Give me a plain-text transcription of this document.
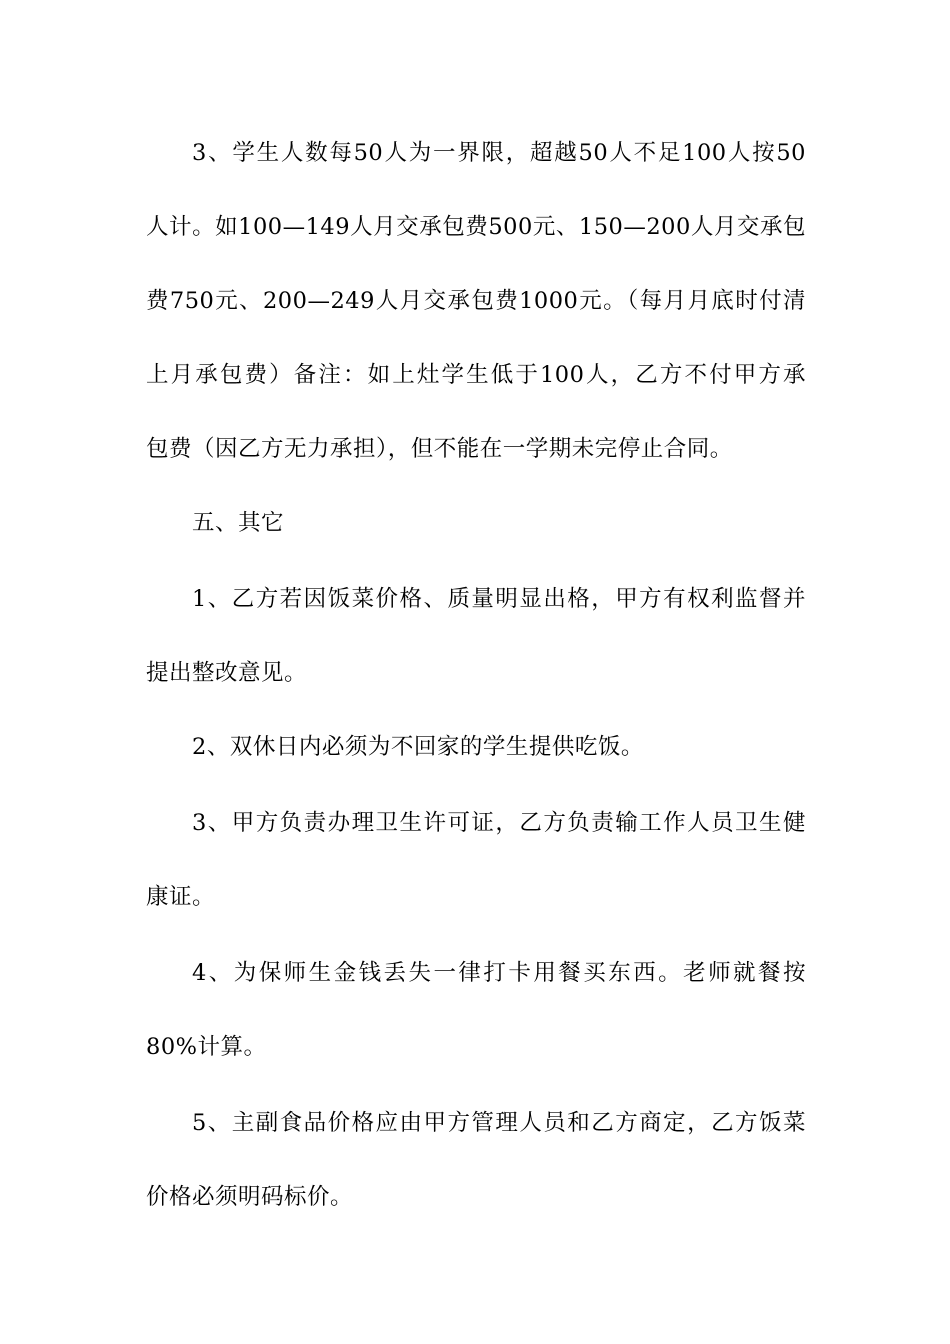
3、学生人数每50人为一界限，超越50人不足100人按50
人计。如100—149人月交承包费500元、150—200人月交承包
费750元、200—249人月交承包费1000元。（每月月底时付清
上月承包费）备注：如上灶学生低于100人，乙方不付甲方承
包费（因乙方无力承担），但不能在一学期未完停止合同。
五、其它
1、乙方若因饭菜价格、质量明显出格，甲方有权利监督并
提出整改意见。
2、双休日内必须为不回家的学生提供吃饭。
3、甲方负责办理卫生许可证，乙方负责输工作人员卫生健
康证。
4、为保师生金钱丢失一律打卡用餐买东西。老师就餐按
80%计算。
5、主副食品价格应由甲方管理人员和乙方商定，乙方饭菜
价格必须明码标价。
